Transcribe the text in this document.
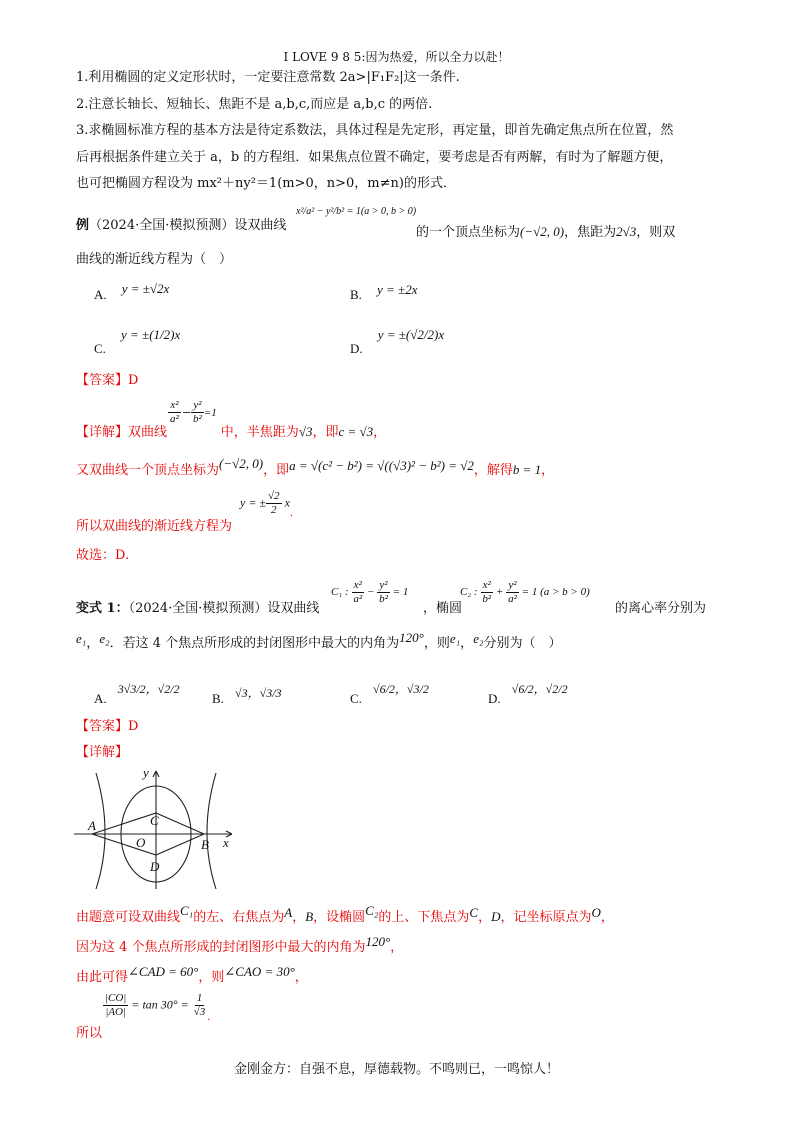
I LOVE 9 8 5:因为热爱，所以全力以赴！
金刚金方：自强不息，厚德载物。不鸣则已，一鸣惊人！
1.利用椭圆的定义定形状时，一定要注意常数 2a>|F₁F₂|这一条件.
2.注意长轴长、短轴长、焦距不是 a,b,c,而应是 a,b,c 的两倍.
3.求椭圆标准方程的基本方法是待定系数法，具体过程是先定形，再定量，即首先确定焦点所在位置，然
后再根据条件建立关于 a，b 的方程组．如果焦点位置不确定，要考虑是否有两解，有时为了解题方便，
也可把椭圆方程设为 mx²＋ny²＝1(m>0，n>0，m≠n)的形式．
例（2024·全国·模拟预测）设双曲线
x²/a² − y²/b² = 1(a > 0, b > 0)
的一个顶点坐标为(−√2, 0)，焦距为2√3，则双
曲线的渐近线方程为（　）
A. $^{y = \pm√2x}$	B. $^{y = \pm 2x}$
C. $^{y = \pm(1/2)x}$
D. $^{y = \pm(√2/2)x}$
【答案】D
【详解】双曲线
$\frac{\text{x²}}{\text{a²}} - \frac{\text{y²}}{\text{b²}} =1$中，半焦距为√3，即c = √3，
又双曲线一个顶点坐标为(−√2, 0)，即a = √(c² − b²) = √((√3)² − b²) = √2，解得b = 1，
所以双曲线的渐近线方程为
y = ± $\frac{√2}{2} x$.
故选：D.
变式 1：（2024·全国·模拟预测）设双曲线
C₁ : $\frac{\text{x²}}{\text{a²}} - \frac{\text{y²}}{\text{b²}} = 1$
，椭圆
C₂ : $\frac{\text{x²}}{\text{b²}} + \frac{\text{y²}}{\text{a²}} = 1$ (a > b > 0)
的离心率分别为
e₁，e₂．若这 4 个焦点所形成的封闭图形中最大的内角为120°，则e₁，e₂分别为（　）
A. $^{3√3/2,√2/2}$
B. $^{√3,√3/3}$	C. $^{√6/2,√3/2}$
D. $^{√6/2,√2/2}$
【答案】D
【详解】
y
x
A
B
C
D
O
由题意可设双曲线C₁的左、右焦点为A，B，设椭圆C₂的上、下焦点为C，D，记坐标原点为O，
因为这 4 个焦点所形成的封闭图形中最大的内角为120°，
由此可得∠CAD = 60°，则∠CAO = 30°，
所以
$\frac{|CO|}{|AO|} = \tan 30^\circ = \frac{1}{√3}$ .
